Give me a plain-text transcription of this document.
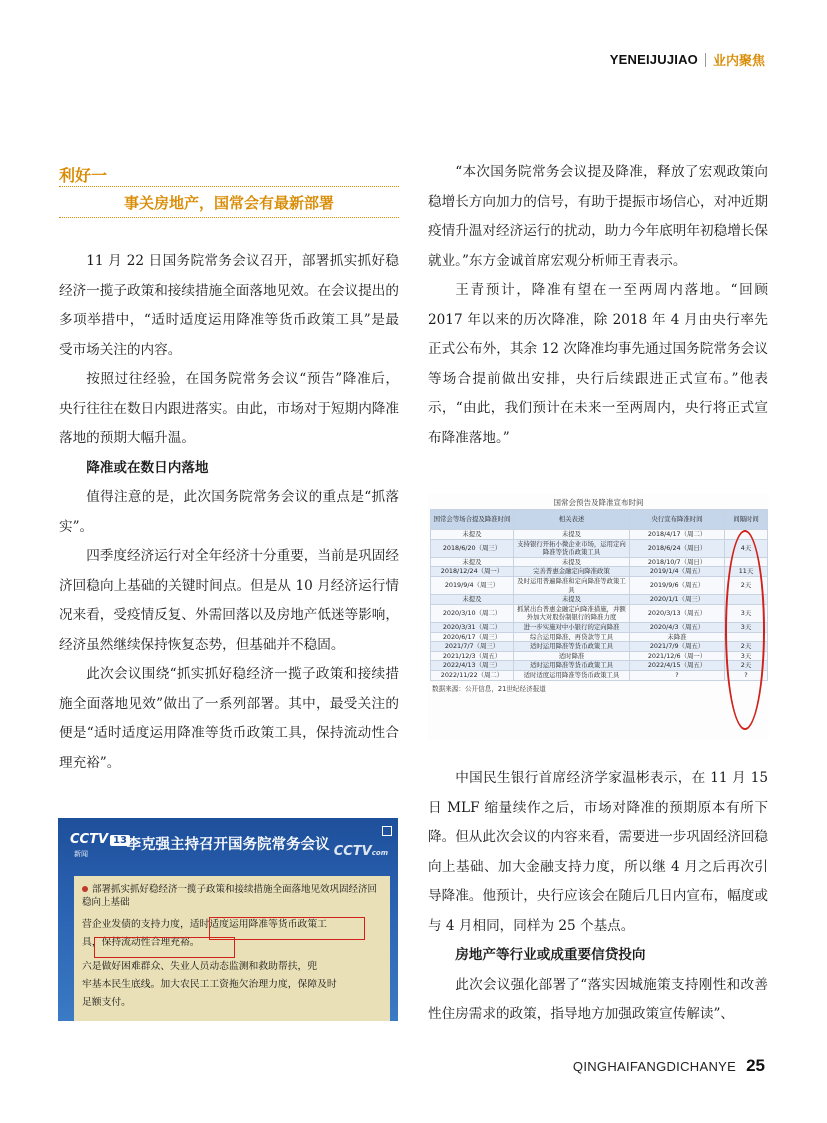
YENEIJUJIAO 业内聚焦
QINGHAIFANGDICHANYE 25
利好一
事关房地产，国常会有最新部署

11 月 22 日国务院常务会议召开，部署抓实抓好稳经济一揽子政策和接续措施全面落地见效。在会议提出的多项举措中，“适时适度运用降准等货币政策工具”是最受市场关注的内容。

按照过往经验，在国务院常务会议“预告”降准后，央行往往在数日内跟进落实。由此，市场对于短期内降准落地的预期大幅升温。

降准或在数日内落地

值得注意的是，此次国务院常务会议的重点是“抓落实”。

四季度经济运行对全年经济十分重要，当前是巩固经济回稳向上基础的关键时间点。但是从 10 月经济运行情况来看，受疫情反复、外需回落以及房地产低迷等影响，经济虽然继续保持恢复态势，但基础并不稳固。

此次会议围绕“抓实抓好稳经济一揽子政策和接续措施全面落地见效”做出了一系列部署。其中，最受关注的便是“适时适度运用降准等货币政策工具，保持流动性合理充裕”。

CCTV 13
新闻
李克强主持召开国务院常务会议 CCTVcom
部署抓实抓好稳经济一揽子政策和接续措施全面落地见效巩固经济回稳向上基础
营企业发债的支持力度，适时适度运用降准等货币政策工
具，保持流动性合理充裕。
六是做好困难群众、失业人员动态监测和救助帮扶，兜
牢基本民生底线。加大农民工工资拖欠治理力度，保障及时
足额支付。

“本次国务院常务会议提及降准，释放了宏观政策向稳增长方向加力的信号，有助于提振市场信心，对冲近期疫情升温对经济运行的扰动，助力今年底明年初稳增长保就业。”东方金诚首席宏观分析师王青表示。

王青预计，降准有望在一至两周内落地。“回顾 2017 年以来的历次降准，除 2018 年 4 月由央行率先正式公布外，其余 12 次降准均事先通过国务院常务会议等场合提前做出安排，央行后续跟进正式宣布。”他表示，“由此，我们预计在未来一至两周内，央行将正式宣布降准落地。”

国常会预告及降准宣布时间
国常会等场合提及降准时间	相关表述	央行宣布降准时间	间隔时间
未提及	未提及	2018/4/17（周二）	
2018/6/20（周三）	支持银行开拓小微企业市场，运用定向降准等货币政策工具	2018/6/24（周日）	4天
未提及	未提及	2018/10/7（周日）	
2018/12/24（周一）	完善普惠金融定向降准政策	2019/1/4（周五）	11天
2019/9/4（周三）	及时运用普遍降准和定向降准等政策工具	2019/9/6（周五）	2天
未提及	未提及	2020/1/1（周三）	
2020/3/10（周二）	抓紧出台普惠金融定向降准措施，并额外加大对股份制银行的降准力度	2020/3/13（周五）	3天
2020/3/31（周二）	进一步实施对中小银行的定向降准	2020/4/3（周五）	3天
2020/6/17（周三）	综合运用降准、再贷款等工具	未降准	
2021/7/7（周三）	适时运用降准等货币政策工具	2021/7/9（周五）	2天
2021/12/3（周五）	适时降准	2021/12/6（周一）	3天
2022/4/13（周三）	适时运用降准等货币政策工具	2022/4/15（周五）	2天
2022/11/22（周二）	适时适度运用降准等货币政策工具	?	?
数据来源：公开信息，21世纪经济报道

中国民生银行首席经济学家温彬表示，在 11 月 15 日 MLF 缩量续作之后，市场对降准的预期原本有所下降。但从此次会议的内容来看，需要进一步巩固经济回稳向上基础、加大金融支持力度，所以继 4 月之后再次引导降准。他预计，央行应该会在随后几日内宣布，幅度或与 4 月相同，同样为 25 个基点。

房地产等行业或成重要信贷投向

此次会议强化部署了“落实因城施策支持刚性和改善性住房需求的政策，指导地方加强政策宣传解读”、
